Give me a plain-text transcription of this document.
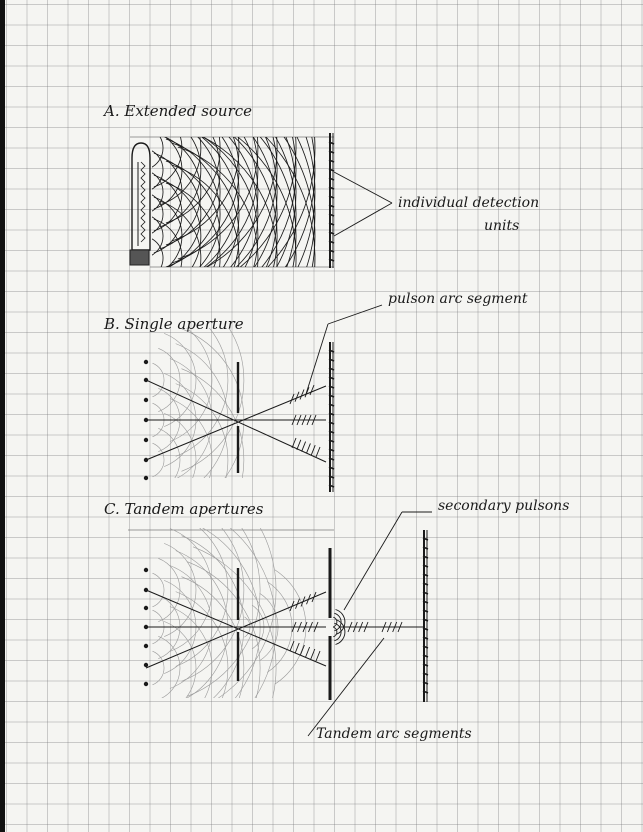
A. Extended source
individual detection
units
pulson arc segment
B. Single aperture
secondary pulsons
C. Tandem apertures
Tandem arc segments
